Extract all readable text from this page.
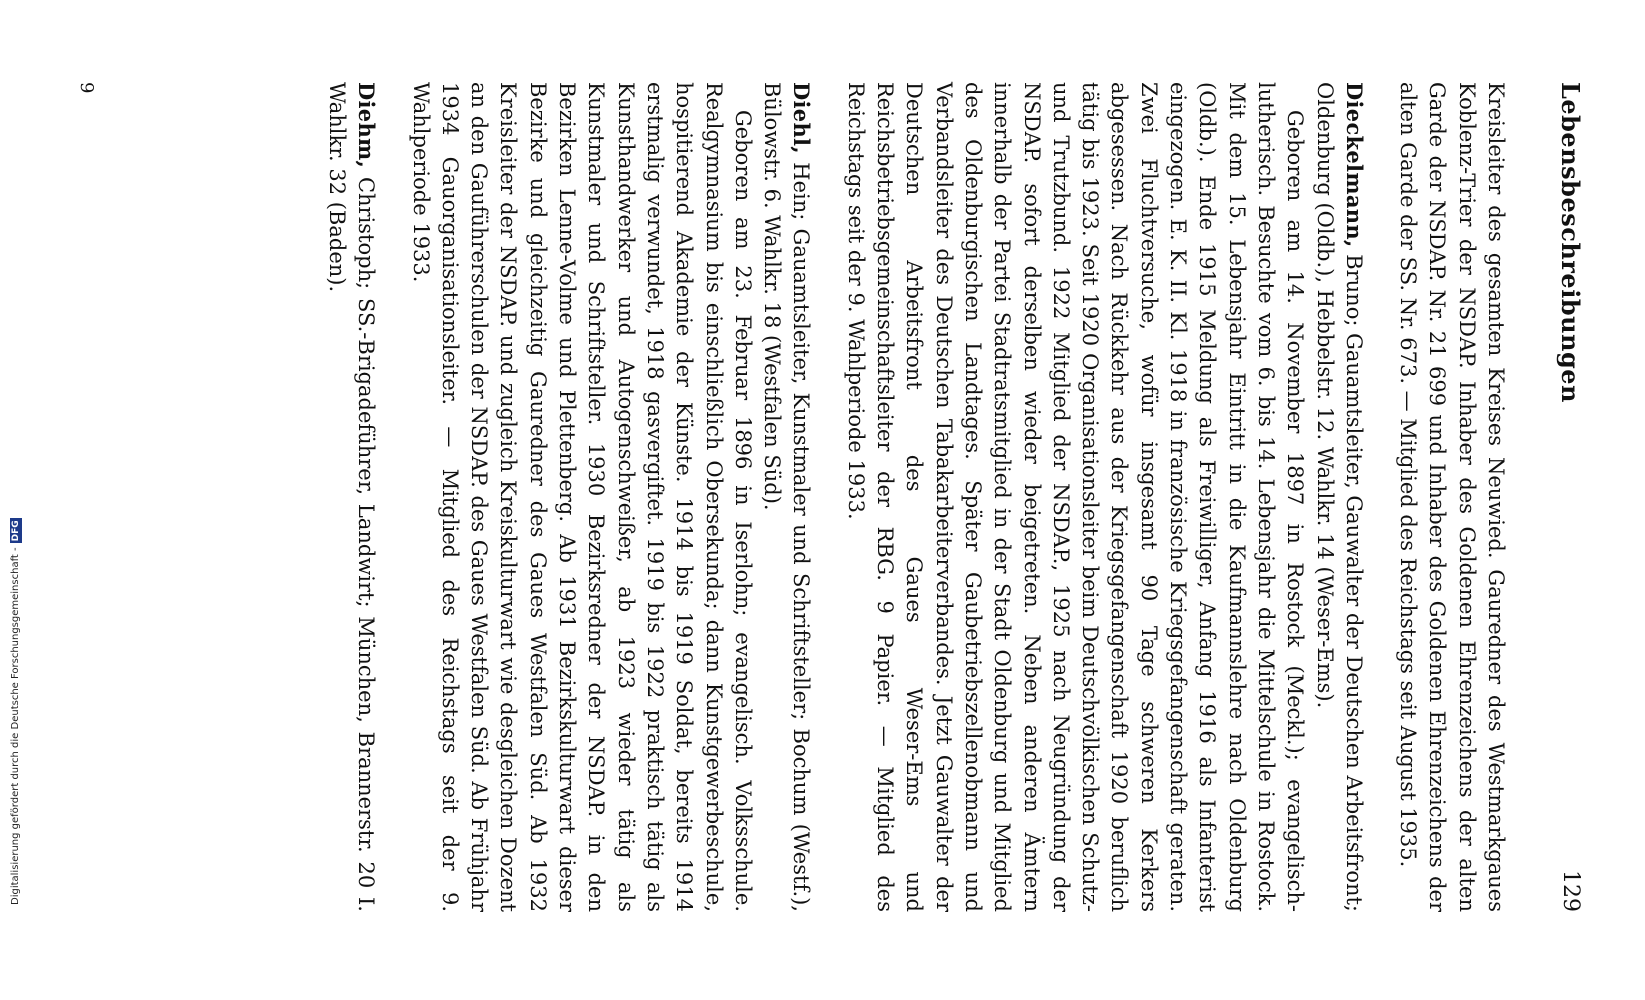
Lebensbeschreibungen
129

Kreisleiter des gesamten Kreises Neuwied. Gauredner des Westmarkgaues Koblenz-Trier der NSDAP. Inhaber des Goldenen Ehrenzeichens der alten Garde der NSDAP. Nr. 21 699 und Inhaber des Goldenen Ehrenzeichens der alten Garde der SS. Nr. 673. — Mitglied des Reichstags seit August 1935.

Dieckelmann, Bruno; Gauamtsleiter, Gauwalter der Deutschen Arbeitsfront; Oldenburg (Oldb.), Hebbelstr. 12. Wahlkr. 14 (Weser-Ems).

Geboren am 14. November 1897 in Rostock (Meckl.); evangelisch-lutherisch. Besuchte vom 6. bis 14. Lebensjahr die Mittelschule in Rostock. Mit dem 15. Lebensjahr Eintritt in die Kaufmannslehre nach Oldenburg (Oldb.). Ende 1915 Meldung als Freiwilliger, Anfang 1916 als Infanterist eingezogen. E. K. II. Kl. 1918 in französische Kriegsgefangenschaft geraten. Zwei Fluchtversuche, wofür insgesamt 90 Tage schweren Kerkers abgesessen. Nach Rückkehr aus der Kriegsgefangenschaft 1920 beruflich tätig bis 1923. Seit 1920 Organisationsleiter beim Deutschvölkischen Schutz- und Trutzbund. 1922 Mitglied der NSDAP., 1925 nach Neugründung der NSDAP. sofort derselben wieder beigetreten. Neben anderen Ämtern innerhalb der Partei Stadtratsmitglied in der Stadt Oldenburg und Mitglied des Oldenburgischen Landtages. Später Gaubetriebszellenobmann und Verbandsleiter des Deutschen Tabakarbeiterverbandes. Jetzt Gauwalter der Deutschen Arbeitsfront des Gaues Weser-Ems und Reichsbetriebsgemeinschaftsleiter der RBG. 9 Papier. — Mitglied des Reichstags seit der 9. Wahlperiode 1933.

Diehl, Hein; Gauamtsleiter, Kunstmaler und Schriftsteller; Bochum (Westf.), Bülowstr. 6. Wahlkr. 18 (Westfalen Süd).

Geboren am 23. Februar 1896 in Iserlohn; evangelisch. Volksschule. Realgymnasium bis einschließlich Obersekunda; dann Kunstgewerbeschule, hospitierend Akademie der Künste. 1914 bis 1919 Soldat, bereits 1914 erstmalig verwundet, 1918 gasvergiftet. 1919 bis 1922 praktisch tätig als Kunsthandwerker und Autogenschweißer, ab 1923 wieder tätig als Kunstmaler und Schriftsteller. 1930 Bezirksredner der NSDAP. in den Bezirken Lenne-Volme und Plettenberg. Ab 1931 Bezirkskulturwart dieser Bezirke und gleichzeitig Gauredner des Gaues Westfalen Süd. Ab 1932 Kreisleiter der NSDAP. und zugleich Kreiskulturwart wie desgleichen Dozent an den Gauführerschulen der NSDAP. des Gaues Westfalen Süd. Ab Frühjahr 1934 Gauorganisationsleiter. — Mitglied des Reichstags seit der 9. Wahlperiode 1933.

Diehm, Christoph; SS.-Brigadeführer, Landwirt; München, Brannerstr. 20 I. Wahlkr. 32 (Baden).

9
Digitalisierung gefördert durch die Deutsche Forschungsgemeinschaft -DFG
